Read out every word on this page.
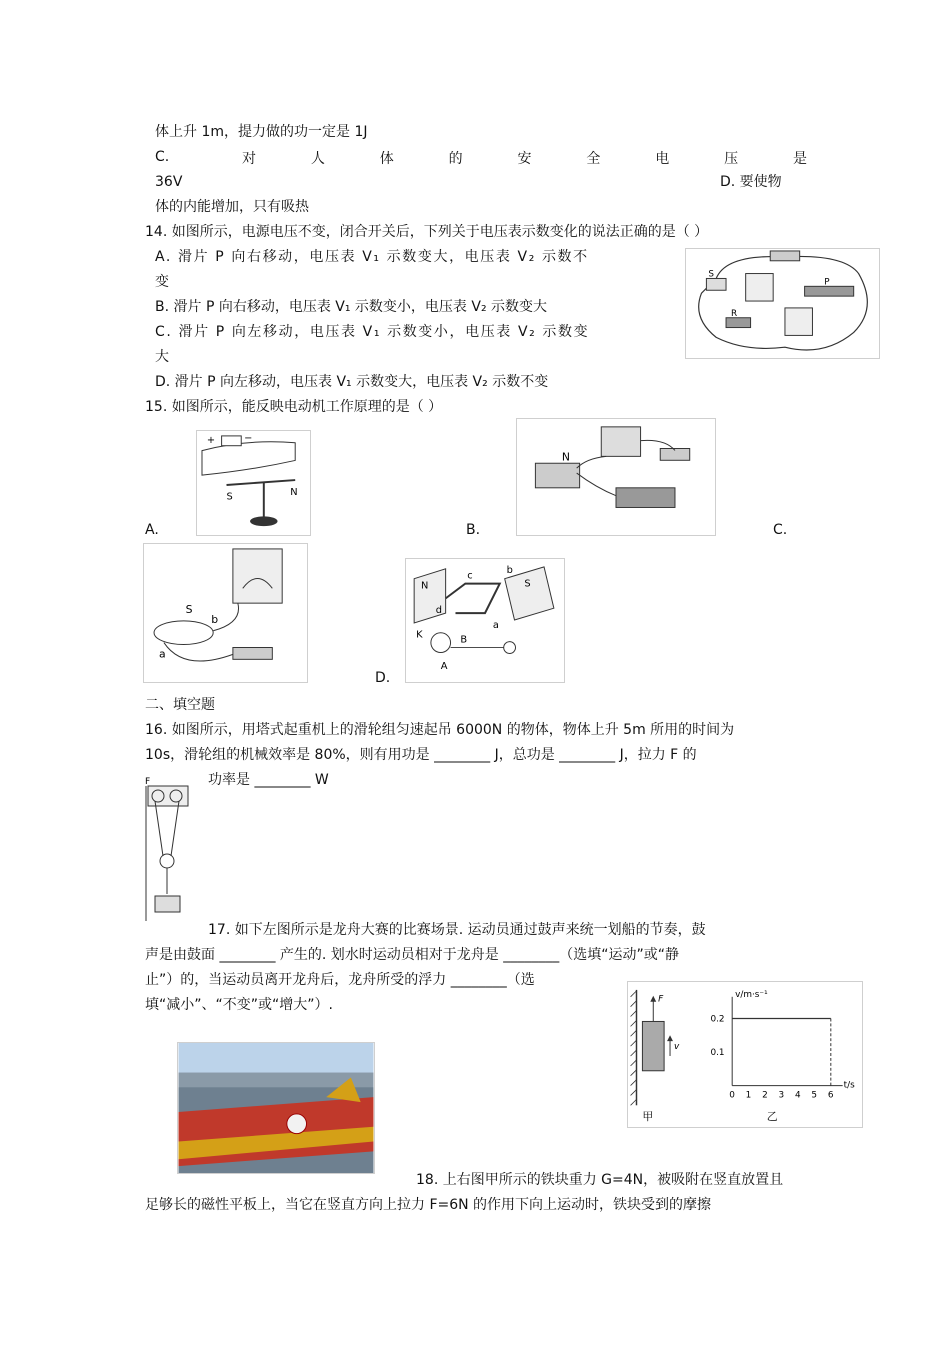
体上升 1m，提力做的功一定是 1J
C.	对	人	体	的	安	全	电	压	是
36V	D. 要使物
体的内能增加，只有吸热
14. 如图所示，电源电压不变，闭合开关后，下列关于电压表示数变化的说法正确的是（ ）
A. 滑片 P 向右移动，电压表 V₁ 示数变大，电压表 V₂ 示数不
变
B. 滑片 P 向右移动，电压表 V₁ 示数变小，电压表 V₂ 示数变大
C. 滑片 P 向左移动，电压表 V₁ 示数变小，电压表 V₂ 示数变
大
D. 滑片 P 向左移动，电压表 V₁ 示数变大，电压表 V₂ 示数不变
S
P
R
15. 如图所示，能反映电动机工作原理的是（ ）
+	−
S	N
A.
N
B.	C.
S
b
a
N	S
c
b
d
a
K	B
A
D.
二、填空题
16. 如图所示，用塔式起重机上的滑轮组匀速起吊 6000N 的物体，物体上升 5m 所用的时间为
10s，滑轮组的机械效率是 80%，则有用功是 ________ J，总功是 ________ J，拉力 F 的
功率是 ________ W
F
17. 如下左图所示是龙舟大赛的比赛场景. 运动员通过鼓声来统一划船的节奏，鼓
声是由鼓面 ________ 产生的. 划水时运动员相对于龙舟是 ________（选填“运动”或“静
止”）的，当运动员离开龙舟后，龙舟所受的浮力 ________（选
填“减小”、“不变”或“增大”）.	F
v
甲	乙
v/m·s⁻¹
t/s
0 1 2 3 4 5 6
0.2
0.1
18. 上右图甲所示的铁块重力 G=4N，被吸附在竖直放置且
足够长的磁性平板上，当它在竖直方向上拉力 F=6N 的作用下向上运动时，铁块受到的摩擦
